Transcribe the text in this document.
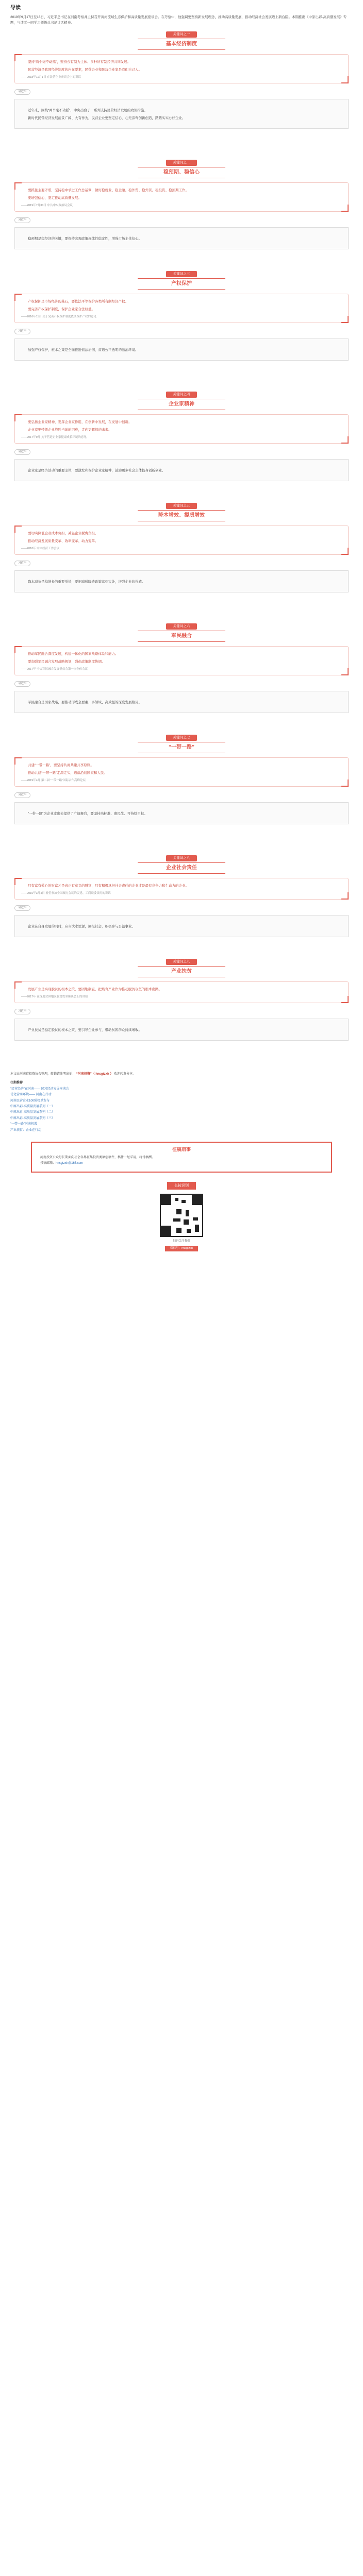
导读
2019年9月17日至18日，习近平总书记在河南考察并主持召开黄河流域生态保护和高质量发展座谈会。在考察中，他强调要坚持新发展理念，推动高质量发展，推动经济社会发展迈上新台阶。本期推出《中原出彩·高质量发展》专题，与读者一同学习领悟总书记讲话精神。
关键词之一
基本经济制度

坚持“两个毫不动摇”，坚持公有制为主体、多种所有制经济共同发展。

民营经济是我国经济制度的内在要素，民营企业和民营企业家是我们自己人。

——2018年11月1日 在民营企业座谈会上的讲话
习近平

近年来，围绕“两个毫不动摇”，中央出台了一系列支持民营经济发展的政策措施。

新时代民营经济发展前景广阔、大有作为，民营企业要坚定信心，心无旁骛创新创造，踏踏实实办好企业。

关键词之二
稳预期、稳信心

要抓住主要矛盾，坚持稳中求进工作总基调，做好稳就业、稳金融、稳外贸、稳外资、稳投资、稳预期工作。

要增强信心，坚定推动高质量发展。

——2019年7月30日 中共中央政治局会议
习近平

稳预期是稳经济的关键，要保持宏观政策连续性稳定性，增强市场主体信心。

关键词之三
产权保护

产权保护是市场经济的基石，要依法平等保护各类所有制经济产权。

要完善产权保护制度，保护企业家合法权益。

——2016年11月 关于完善产权保护制度依法保护产权的意见
习近平

加强产权保护，根本之策是全面推进依法治国，营造公平透明的法治环境。

关键词之四
企业家精神

要弘扬企业家精神，发挥企业家作用，在创新中发展，在发展中创新。

企业家要带领企业战胜当前的困难，走向更辉煌的未来。

——2017年9月 关于营造企业家健康成长环境的意见
习近平

企业家是经济活动的重要主体，要激发和保护企业家精神，鼓励更多社会主体投身创新创业。

关键词之五
降本增效、提质增效

要切实降低企业成本负担，减轻企业税费负担。

推动经济发展质量变革、效率变革、动力变革。

——2018年 中央经济工作会议
习近平

降本减负是稳增长的重要举措，要把减税降费政策落到实处，增强企业获得感。

关键词之六
军民融合

推动军民融合深度发展，构建一体化的国家战略体系和能力。

要加强军民融合发展战略规划，强化政策制度协调。

——2017年 中央军民融合发展委员会第一次全体会议
习近平

军民融合是国家战略，要推动形成全要素、多领域、高效益的深度发展格局。

关键词之七
“一带一路”

共建“一带一路”，要坚持共商共建共享原则。

推动共建“一带一路”走深走实，造福沿线国家和人民。

——2019年4月 第二届“一带一路”国际合作高峰论坛
习近平

“一带一路”为企业走出去提供了广阔舞台，要坚持高标准、惠民生、可持续目标。

关键词之八
企业社会责任

只有富有爱心的财富才是真正有意义的财富，只有积极承担社会责任的企业才是最有竞争力和生命力的企业。

——2016年3月4日 看望参加全国政协会议的民建、工商联委员时的讲话
习近平

企业在自身发展的同时，应当饮水思源，回报社会，积极参与公益事业。

关键词之九
产业扶贫

发展产业是实现脱贫的根本之策，要因地制宜，把培育产业作为推动脱贫攻坚的根本出路。

——2017年 在深度贫困地区脱贫攻坚座谈会上的讲话
习近平

产业扶贫是稳定脱贫的根本之策，要引导企业参与，带动贫困群众持续增收。

本文由河南省投资协会整理，转载请注明出处： “河南投资”（ hnsgtzxh ） 欢迎转发分享。
往期推荐
“民营经济”在河南—— 民营经济发展座谈会
优化营商环境—— 河南在行动
河南民营企业100强榜单发布
中原出彩·高质量发展系列（一）
中原出彩·高质量发展系列（二）
中原出彩·高质量发展系列（三）
“一带一路”河南机遇
产业扶贫：企业在行动
征稿启事

河南投资公众号长期面向社会各界征集投资类原创稿件，稿件一经采用，将付稿酬。

投稿邮箱：hnsgtzxh@163.com

长按识别
扫码关注我们
微信号：hnsgtzxh
